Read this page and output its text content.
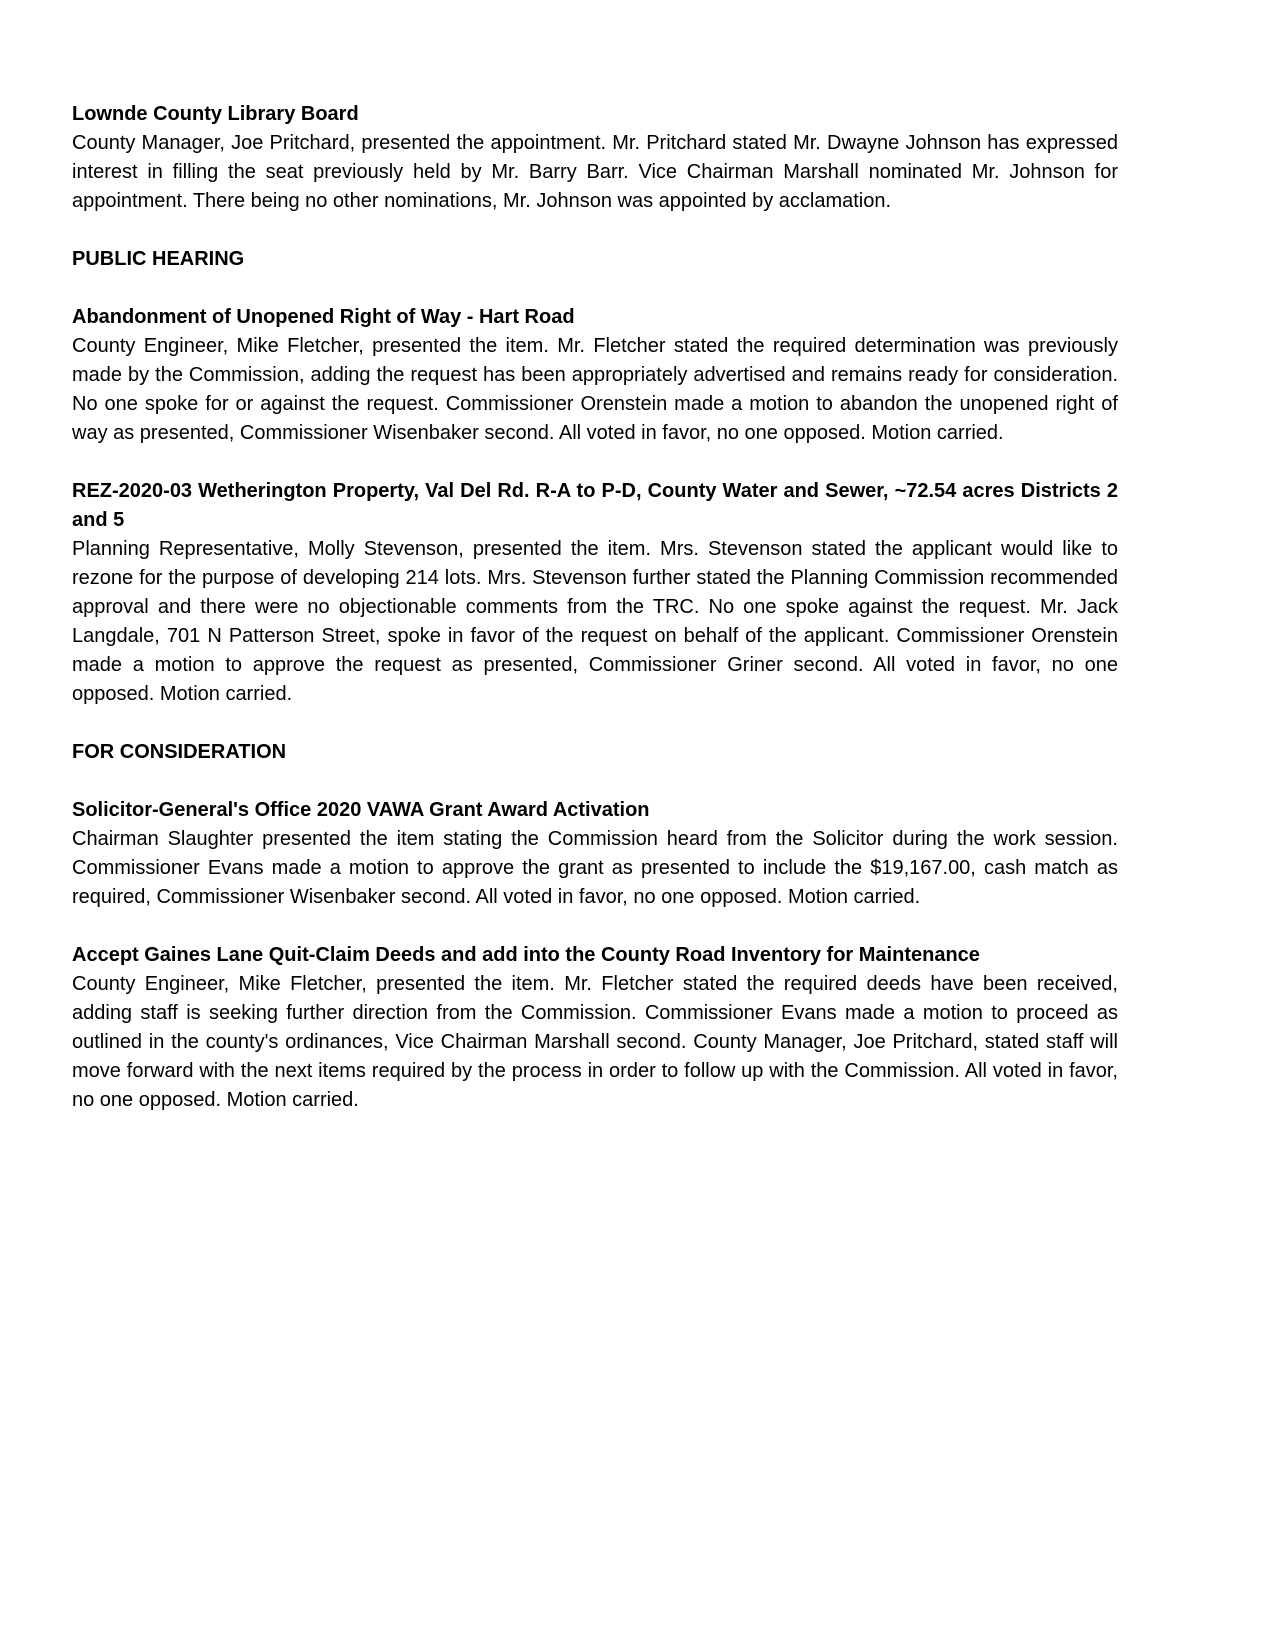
Lownde County Library Board

County Manager, Joe Pritchard, presented the appointment. Mr. Pritchard stated Mr. Dwayne Johnson has expressed interest in filling the seat previously held by Mr. Barry Barr. Vice Chairman Marshall nominated Mr. Johnson for appointment. There being no other nominations, Mr. Johnson was appointed by acclamation.

PUBLIC HEARING
Abandonment of Unopened Right of Way - Hart Road

County Engineer, Mike Fletcher, presented the item. Mr. Fletcher stated the required determination was previously made by the Commission, adding the request has been appropriately advertised and remains ready for consideration. No one spoke for or against the request. Commissioner Orenstein made a motion to abandon the unopened right of way as presented, Commissioner Wisenbaker second. All voted in favor, no one opposed. Motion carried.

REZ-2020-03 Wetherington Property, Val Del Rd. R-A to P-D, County Water and Sewer, ~72.54 acres Districts 2 and 5

Planning Representative, Molly Stevenson, presented the item. Mrs. Stevenson stated the applicant would like to rezone for the purpose of developing 214 lots. Mrs. Stevenson further stated the Planning Commission recommended approval and there were no objectionable comments from the TRC. No one spoke against the request. Mr. Jack Langdale, 701 N Patterson Street, spoke in favor of the request on behalf of the applicant. Commissioner Orenstein made a motion to approve the request as presented, Commissioner Griner second. All voted in favor, no one opposed. Motion carried.

FOR CONSIDERATION
Solicitor-General's Office 2020 VAWA Grant Award Activation

Chairman Slaughter presented the item stating the Commission heard from the Solicitor during the work session. Commissioner Evans made a motion to approve the grant as presented to include the $19,167.00, cash match as required, Commissioner Wisenbaker second. All voted in favor, no one opposed. Motion carried.

Accept Gaines Lane Quit-Claim Deeds and add into the County Road Inventory for Maintenance

County Engineer, Mike Fletcher, presented the item. Mr. Fletcher stated the required deeds have been received, adding staff is seeking further direction from the Commission. Commissioner Evans made a motion to proceed as outlined in the county's ordinances, Vice Chairman Marshall second. County Manager, Joe Pritchard, stated staff will move forward with the next items required by the process in order to follow up with the Commission. All voted in favor, no one opposed. Motion carried.
